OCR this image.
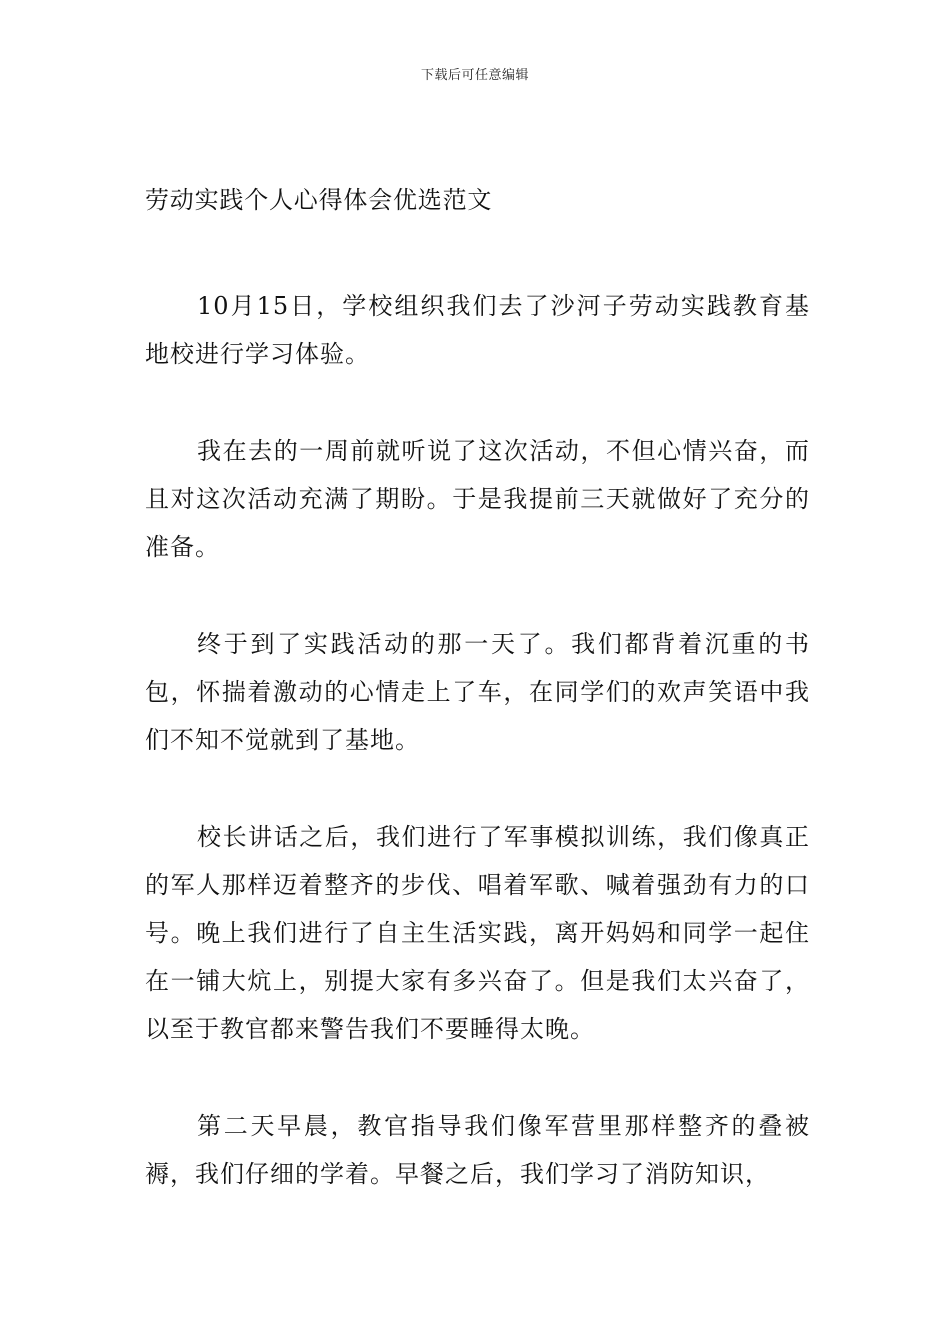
下载后可任意编辑
劳动实践个人心得体会优选范文

10月15日，学校组织我们去了沙河子劳动实践教育基地校进行学习体验。

我在去的一周前就听说了这次活动，不但心情兴奋，而且对这次活动充满了期盼。于是我提前三天就做好了充分的准备。

终于到了实践活动的那一天了。我们都背着沉重的书包，怀揣着激动的心情走上了车，在同学们的欢声笑语中我们不知不觉就到了基地。

校长讲话之后，我们进行了军事模拟训练，我们像真正的军人那样迈着整齐的步伐、唱着军歌、喊着强劲有力的口号。晚上我们进行了自主生活实践，离开妈妈和同学一起住在一铺大炕上，别提大家有多兴奋了。但是我们太兴奋了，以至于教官都来警告我们不要睡得太晚。

第二天早晨，教官指导我们像军营里那样整齐的叠被褥，我们仔细的学着。早餐之后，我们学习了消防知识，
